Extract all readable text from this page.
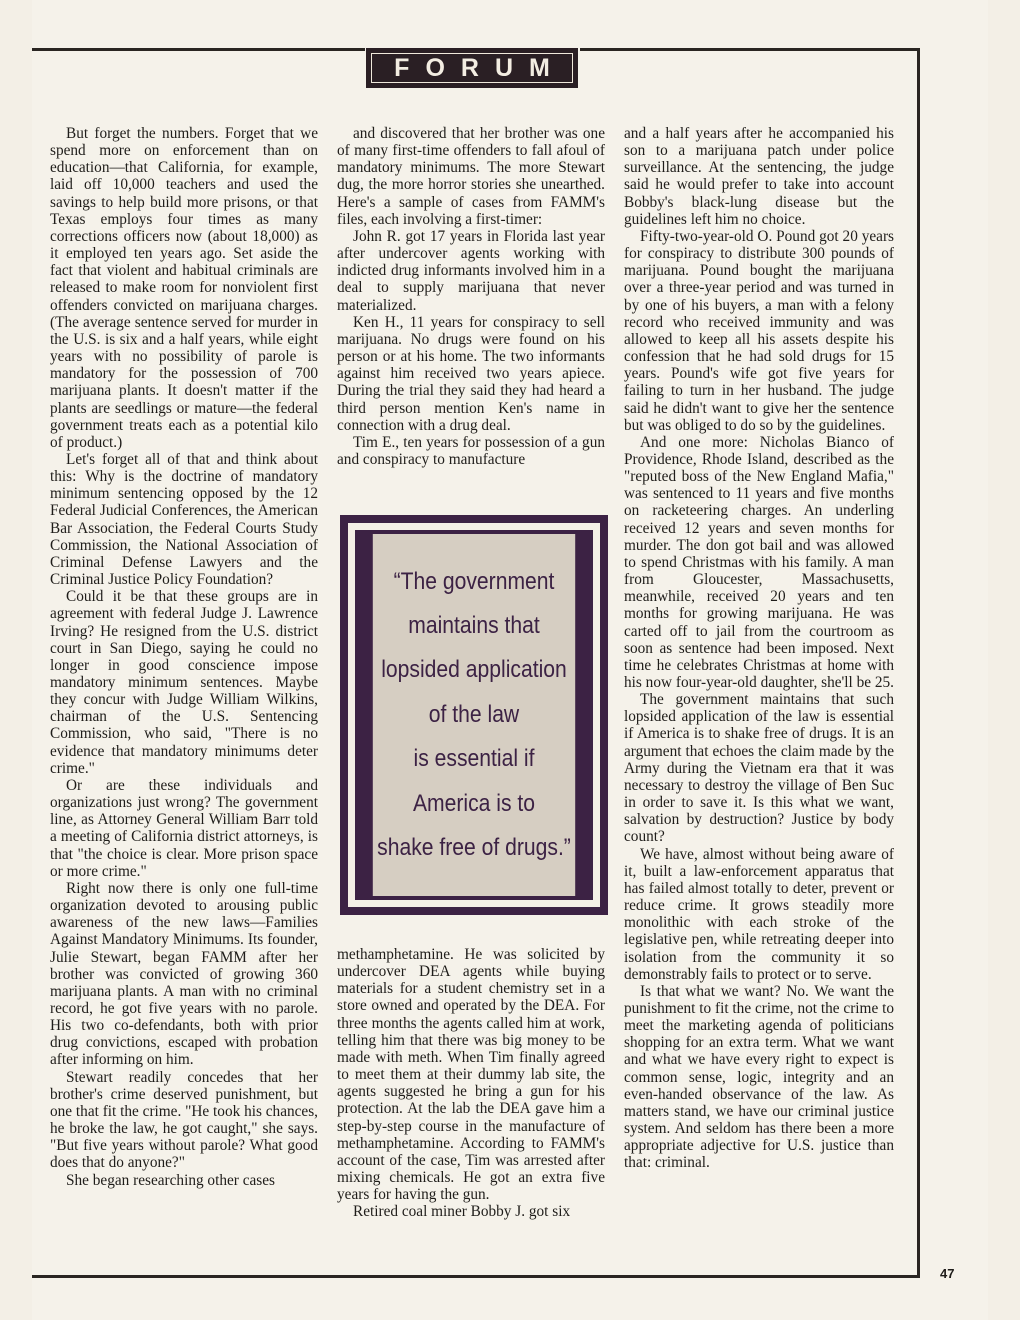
FORUM

But forget the numbers. Forget that we spend more on enforcement than on education—that California, for example, laid off 10,000 teachers and used the savings to help build more prisons, or that Texas employs four times as many corrections officers now (about 18,000) as it employed ten years ago. Set aside the fact that violent and habitual criminals are released to make room for nonviolent first offenders convicted on marijuana charges. (The average sentence served for murder in the U.S. is six and a half years, while eight years with no possibility of parole is mandatory for the possession of 700 marijuana plants. It doesn't matter if the plants are seedlings or mature—the federal government treats each as a potential kilo of product.)

Let's forget all of that and think about this: Why is the doctrine of mandatory minimum sentencing opposed by the 12 Federal Judicial Conferences, the American Bar Association, the Federal Courts Study Commission, the National Association of Criminal Defense Lawyers and the Criminal Justice Policy Foundation?

Could it be that these groups are in agreement with federal Judge J. Lawrence Irving? He resigned from the U.S. district court in San Diego, saying he could no longer in good conscience impose mandatory minimum sentences. Maybe they concur with Judge William Wilkins, chairman of the U.S. Sentencing Commission, who said, "There is no evidence that mandatory minimums deter crime."

Or are these individuals and organizations just wrong? The government line, as Attorney General William Barr told a meeting of California district attorneys, is that "the choice is clear. More prison space or more crime."

Right now there is only one full-time organization devoted to arousing public awareness of the new laws—Families Against Mandatory Minimums. Its founder, Julie Stewart, began FAMM after her brother was convicted of growing 360 marijuana plants. A man with no criminal record, he got five years with no parole. His two co-defendants, both with prior drug convictions, escaped with probation after informing on him.

Stewart readily concedes that her brother's crime deserved punishment, but one that fit the crime. "He took his chances, he broke the law, he got caught," she says. "But five years without parole? What good does that do anyone?"

She began researching other cases

and discovered that her brother was one of many first-time offenders to fall afoul of mandatory minimums. The more Stewart dug, the more horror stories she unearthed. Here's a sample of cases from FAMM's files, each involving a first-timer:

John R. got 17 years in Florida last year after undercover agents working with indicted drug informants involved him in a deal to supply marijuana that never materialized.

Ken H., 11 years for conspiracy to sell marijuana. No drugs were found on his person or at his home. The two informants against him received two years apiece. During the trial they said they had heard a third person mention Ken's name in connection with a drug deal.

Tim E., ten years for possession of a gun and conspiracy to manufacture

“The government
maintains that
lopsided application
of the law
is essential if
America is to
shake free of drugs.”

methamphetamine. He was solicited by undercover DEA agents while buying materials for a student chemistry set in a store owned and operated by the DEA. For three months the agents called him at work, telling him that there was big money to be made with meth. When Tim finally agreed to meet them at their dummy lab site, the agents suggested he bring a gun for his protection. At the lab the DEA gave him a step-by-step course in the manufacture of methamphetamine. According to FAMM's account of the case, Tim was arrested after mixing chemicals. He got an extra five years for having the gun.

Retired coal miner Bobby J. got six

and a half years after he accompanied his son to a marijuana patch under police surveillance. At the sentencing, the judge said he would prefer to take into account Bobby's black-lung disease but the guidelines left him no choice.

Fifty-two-year-old O. Pound got 20 years for conspiracy to distribute 300 pounds of marijuana. Pound bought the marijuana over a three-year period and was turned in by one of his buyers, a man with a felony record who received immunity and was allowed to keep all his assets despite his confession that he had sold drugs for 15 years. Pound's wife got five years for failing to turn in her husband. The judge said he didn't want to give her the sentence but was obliged to do so by the guidelines.

And one more: Nicholas Bianco of Providence, Rhode Island, described as the "reputed boss of the New England Mafia," was sentenced to 11 years and five months on racketeering charges. An underling received 12 years and seven months for murder. The don got bail and was allowed to spend Christmas with his family. A man from Gloucester, Massachusetts, meanwhile, received 20 years and ten months for growing marijuana. He was carted off to jail from the courtroom as soon as sentence had been imposed. Next time he celebrates Christmas at home with his now four-year-old daughter, she'll be 25.

The government maintains that such lopsided application of the law is essential if America is to shake free of drugs. It is an argument that echoes the claim made by the Army during the Vietnam era that it was necessary to destroy the village of Ben Suc in order to save it. Is this what we want, salvation by destruction? Justice by body count?

We have, almost without being aware of it, built a law-enforcement apparatus that has failed almost totally to deter, prevent or reduce crime. It grows steadily more monolithic with each stroke of the legislative pen, while retreating deeper into isolation from the community it so demonstrably fails to protect or to serve.

Is that what we want? No. We want the punishment to fit the crime, not the crime to meet the marketing agenda of politicians shopping for an extra term. What we want and what we have every right to expect is common sense, logic, integrity and an even-handed observance of the law. As matters stand, we have our criminal justice system. And seldom has there been a more appropriate adjective for U.S. justice than that: criminal.

47
